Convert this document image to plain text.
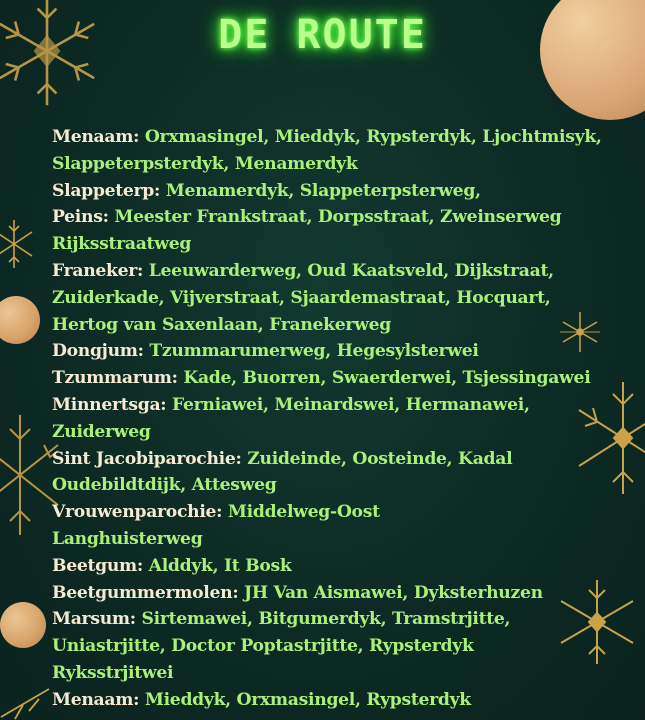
DE ROUTE
Menaam: Orxmasingel, Mieddyk, Rypsterdyk, Ljochtmisyk,
Slappeterpsterdyk, Menamerdyk
Slappeterp: Menamerdyk, Slappeterpsterweg,
Peins: Meester Frankstraat, Dorpsstraat, Zweinserweg
Rijksstraatweg
Franeker: Leeuwarderweg, Oud Kaatsveld, Dijkstraat,
Zuiderkade, Vijverstraat, Sjaardemastraat, Hocquart,
Hertog van Saxenlaan, Franekerweg
Dongjum: Tzummarumerweg, Hegesylsterwei
Tzummarum: Kade, Buorren, Swaerderwei, Tsjessingawei
Minnertsga: Ferniawei, Meinardswei, Hermanawei,
Zuiderweg
Sint Jacobiparochie: Zuideinde, Oosteinde, Kadal
Oudebildtdijk, Attesweg
Vrouwenparochie: Middelweg-Oost
Langhuisterweg
Beetgum: Alddyk, It Bosk
Beetgummermolen: JH Van Aismawei, Dyksterhuzen
Marsum: Sirtemawei, Bitgumerdyk, Tramstrjitte,
Uniastrjitte, Doctor Poptastrjitte, Rypsterdyk
Ryksstrjitwei
Menaam: Mieddyk, Orxmasingel, Rypsterdyk
